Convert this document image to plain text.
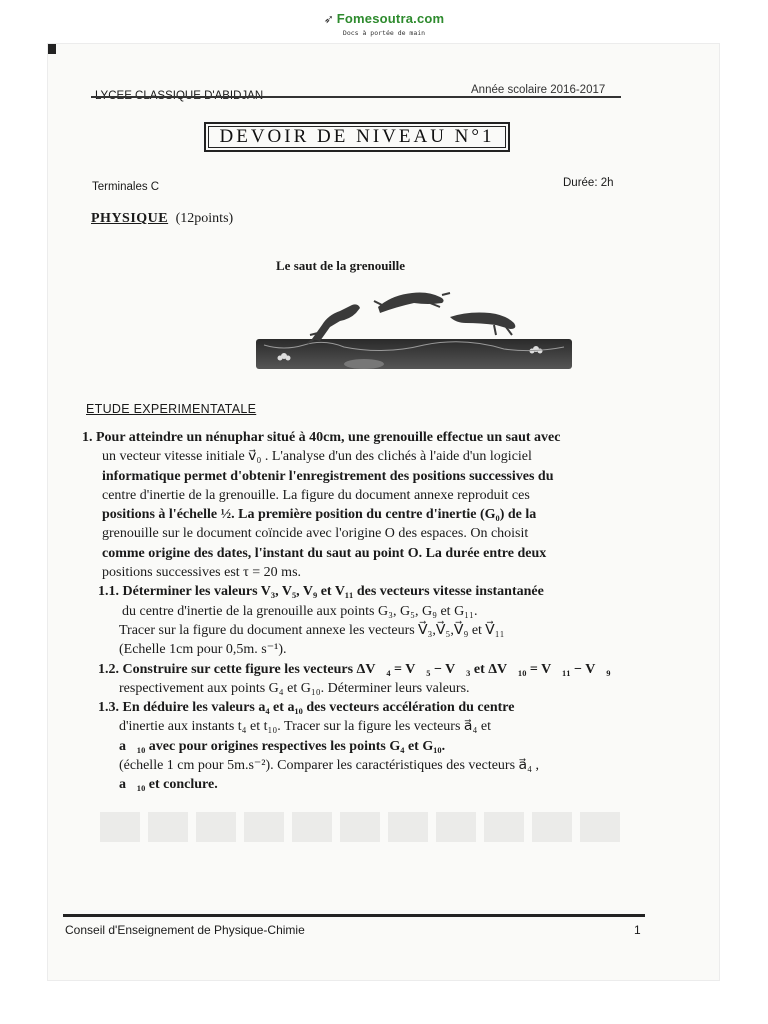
➶ Fomesoutra.com
Docs à portée de main
Année scolaire 2016-2017
DEVOIR DE NIVEAU N°1
Terminales C	Durée: 2h
PHYSIQUE (12points)
Le saut de la grenouille
ETUDE EXPERIMENTATALE
1. Pour atteindre un nénuphar situé à 40cm, une grenouille effectue un saut avec
un vecteur vitesse initiale v⃗₀ . L'analyse d'un des clichés à l'aide d'un logiciel
informatique permet d'obtenir l'enregistrement des positions successives du
centre d'inertie de la grenouille. La figure du document annexe reproduit ces
positions à l'échelle ½. La première position du centre d'inertie (G₀) de la
grenouille sur le document coïncide avec l'origine O des espaces. On choisit
comme origine des dates, l'instant du saut au point O. La durée entre deux
positions successives est τ = 20 ms.
1.1. Déterminer les valeurs V₃, V₅, V₉ et V₁₁ des vecteurs vitesse instantanée
du centre d'inertie de la grenouille aux points G₃, G₅, G₉ et G₁₁.
Tracer sur la figure du document annexe les vecteurs V⃗₃,V⃗₅,V⃗₉ et V⃗₁₁
(Echelle 1cm pour 0,5m. s⁻¹).
1.2. Construire sur cette figure les vecteurs ΔV⃗₄ = V⃗₅ − V⃗₃ et ΔV⃗₁₀ = V⃗₁₁ − V⃗₉
respectivement aux points G₄ et G₁₀. Déterminer leurs valeurs.
1.3. En déduire les valeurs a₄ et a₁₀ des vecteurs accélération du centre
d'inertie aux instants t₄ et t₁₀. Tracer sur la figure les vecteurs a⃗₄ et
a⃗₁₀ avec pour origines respectives les points G₄ et G₁₀.
(échelle 1 cm pour 5m.s⁻²). Comparer les caractéristiques des vecteurs a⃗₄ ,
a⃗₁₀ et conclure.
Conseil d'Enseignement de Physique-Chimie	1
